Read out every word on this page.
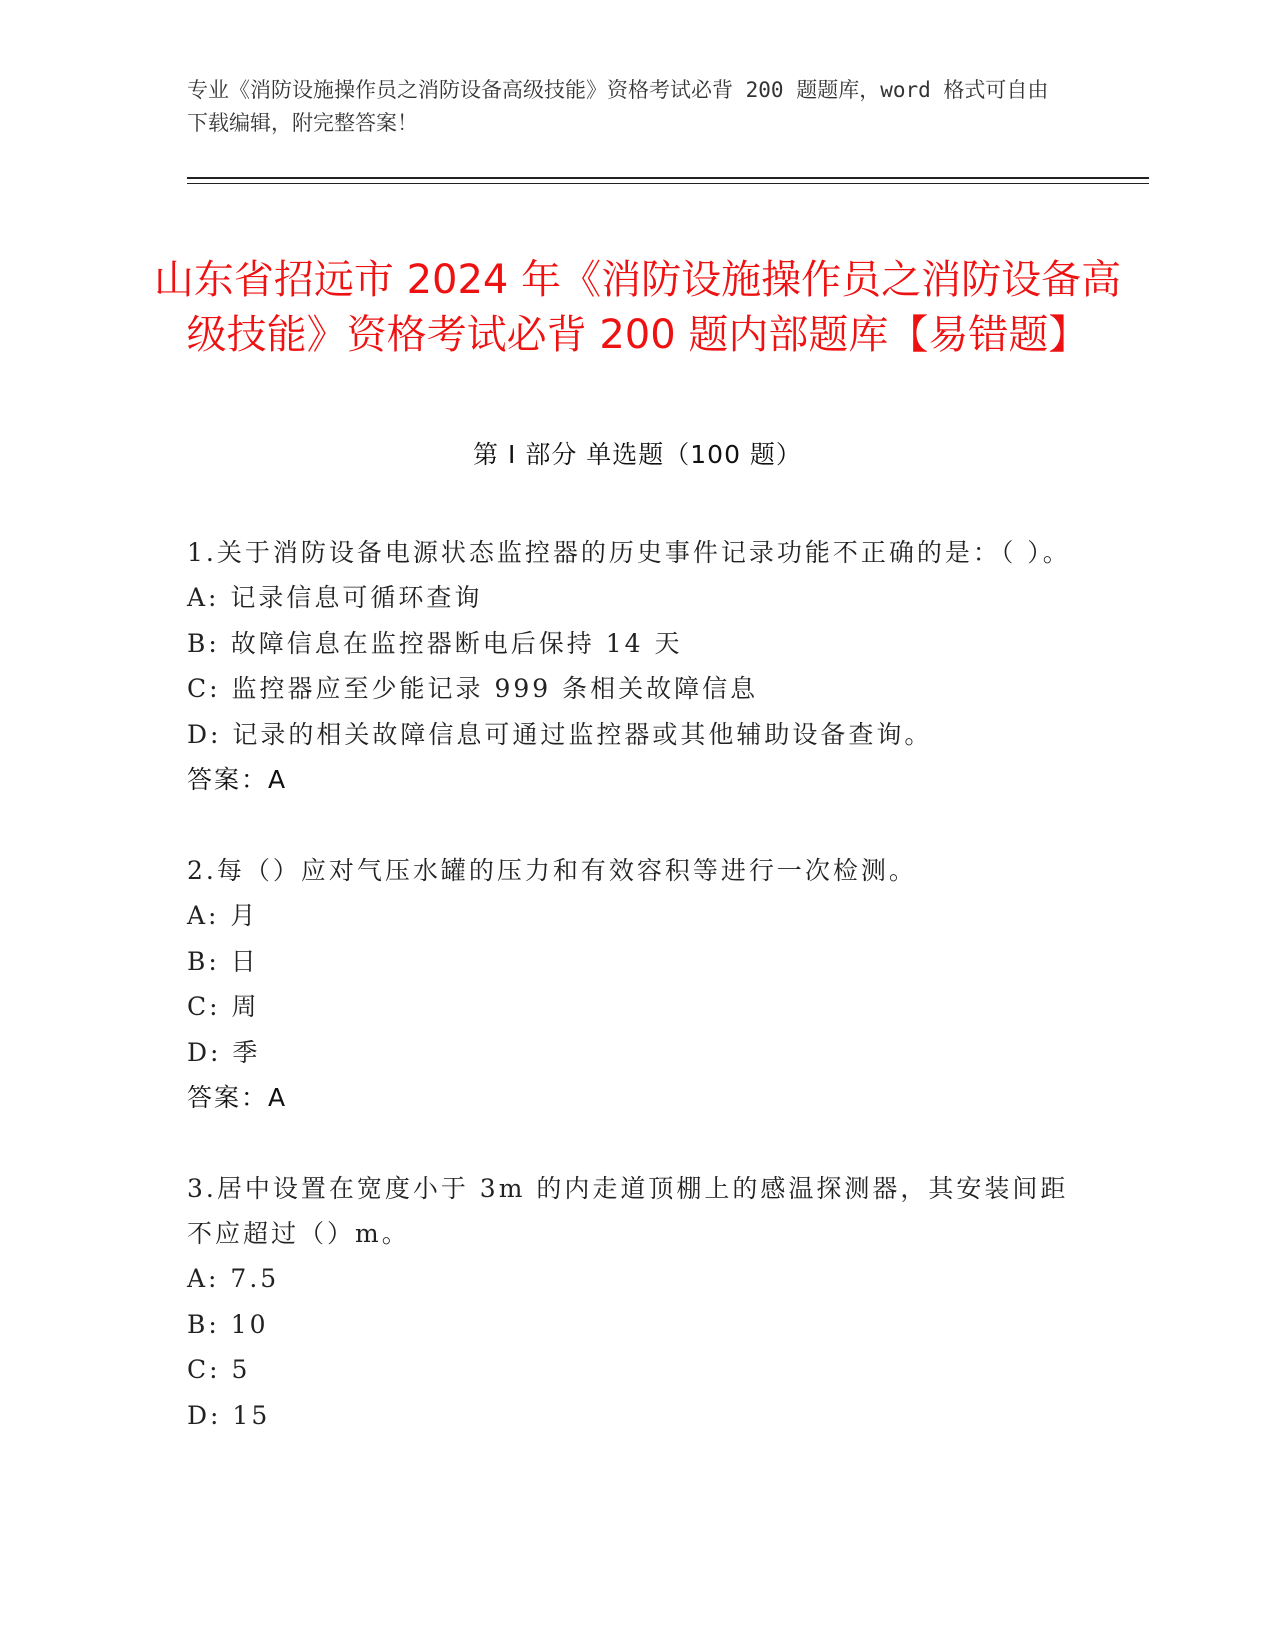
专业《消防设施操作员之消防设备高级技能》资格考试必背 200 题题库，word 格式可自由下载编辑，附完整答案！
山东省招远市 2024 年《消防设施操作员之消防设备高级技能》资格考试必背 200 题内部题库【易错题】
第 I 部分 单选题（100 题）
1.关于消防设备电源状态监控器的历史事件记录功能不正确的是：（ ）。
A: 记录信息可循环查询
B: 故障信息在监控器断电后保持 14 天
C: 监控器应至少能记录 999 条相关故障信息
D: 记录的相关故障信息可通过监控器或其他辅助设备查询。
答案：A
2.每（）应对气压水罐的压力和有效容积等进行一次检测。
A: 月
B: 日
C: 周
D: 季
答案：A
3.居中设置在宽度小于 3m 的内走道顶棚上的感温探测器，其安装间距不应超过（）m。
A: 7.5
B: 10
C: 5
D: 15
